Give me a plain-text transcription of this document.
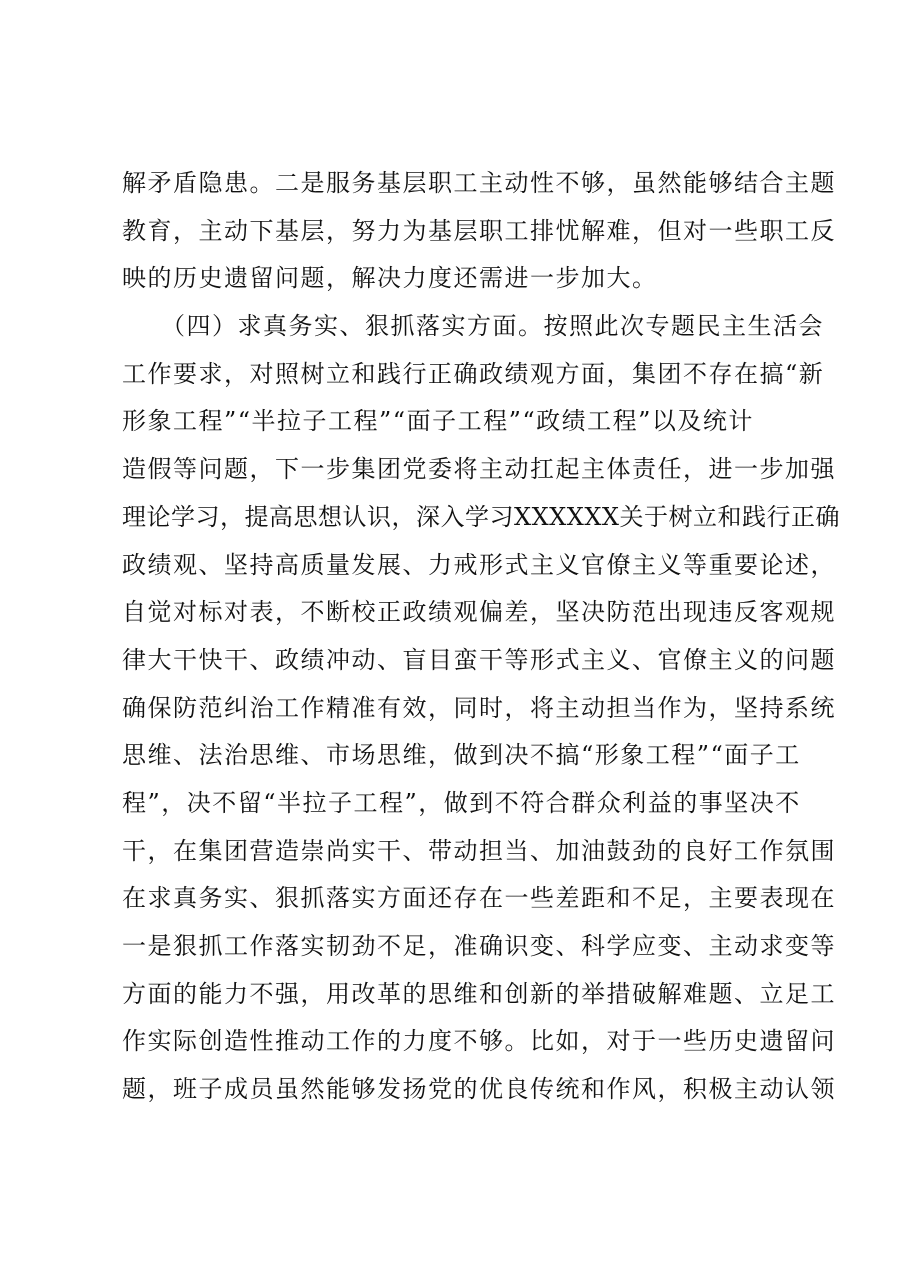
解矛盾隐患。二是服务基层职工主动性不够，虽然能够结合主题
教育，主动下基层，努力为基层职工排忧解难，但对一些职工反
映的历史遗留问题，解决力度还需进一步加大。
　　（四）求真务实、狠抓落实方面。按照此次专题民主生活会
工作要求，对照树立和践行正确政绩观方面，集团不存在搞“新
形象工程”“半拉子工程”“面子工程”“政绩工程”以及统计
造假等问题，下一步集团党委将主动扛起主体责任，进一步加强
理论学习，提高思想认识，深入学习XXXXXX关于树立和践行正确
政绩观、坚持高质量发展、力戒形式主义官僚主义等重要论述，
自觉对标对表，不断校正政绩观偏差，坚决防范出现违反客观规
律大干快干、政绩冲动、盲目蛮干等形式主义、官僚主义的问题
确保防范纠治工作精准有效，同时，将主动担当作为，坚持系统
思维、法治思维、市场思维，做到决不搞“形象工程”“面子工
程”，决不留“半拉子工程”，做到不符合群众利益的事坚决不
干，在集团营造崇尚实干、带动担当、加油鼓劲的良好工作氛围
在求真务实、狠抓落实方面还存在一些差距和不足，主要表现在
一是狠抓工作落实韧劲不足，准确识变、科学应变、主动求变等
方面的能力不强，用改革的思维和创新的举措破解难题、立足工
作实际创造性推动工作的力度不够。比如，对于一些历史遗留问
题，班子成员虽然能够发扬党的优良传统和作风，积极主动认领
